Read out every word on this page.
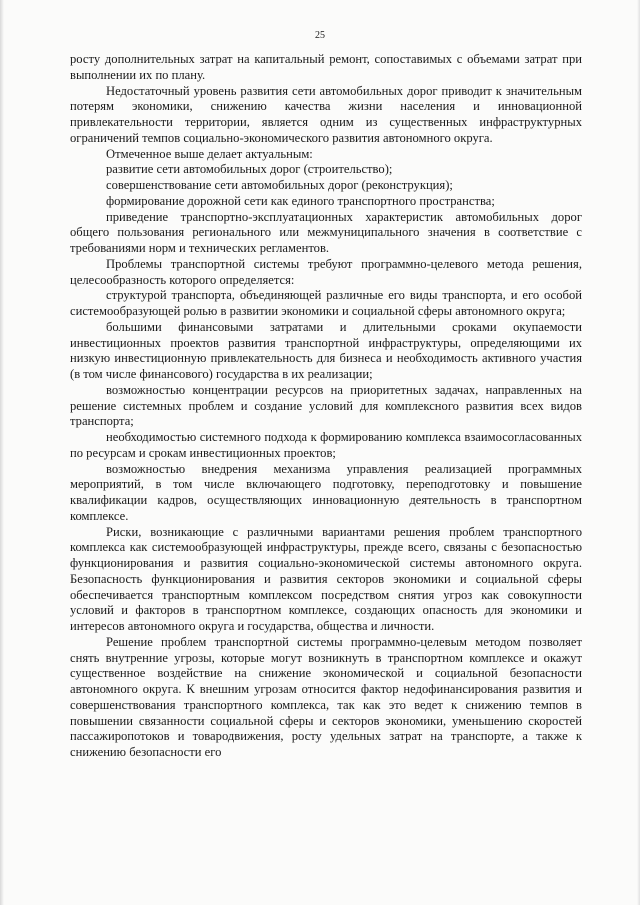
25

росту дополнительных затрат на капитальный ремонт, сопоставимых с объемами затрат при выполнении их по плану.

Недостаточный уровень развития сети автомобильных дорог приводит к значительным потерям экономики, снижению качества жизни населения и инновационной привлекательности территории, является одним из существенных инфраструктурных ограничений темпов социально-экономического развития автономного округа.

Отмеченное выше делает актуальным:

развитие сети автомобильных дорог (строительство);

совершенствование сети автомобильных дорог (реконструкция);

формирование дорожной сети как единого транспортного пространства;

приведение транспортно-эксплуатационных характеристик автомобильных дорог общего пользования регионального или межмуниципального значения в соответствие с требованиями норм и технических регламентов.

Проблемы транспортной системы требуют программно-целевого метода решения, целесообразность которого определяется:

структурой транспорта, объединяющей различные его виды транспорта, и его особой системообразующей ролью в развитии экономики и социальной сферы автономного округа;

большими финансовыми затратами и длительными сроками окупаемости инвестиционных проектов развития транспортной инфраструктуры, определяющими их низкую инвестиционную привлекательность для бизнеса и необходимость активного участия (в том числе финансового) государства в их реализации;

возможностью концентрации ресурсов на приоритетных задачах, направленных на решение системных проблем и создание условий для комплексного развития всех видов транспорта;

необходимостью системного подхода к формированию комплекса взаимосогласованных по ресурсам и срокам инвестиционных проектов;

возможностью внедрения механизма управления реализацией программных мероприятий, в том числе включающего подготовку, переподготовку и повышение квалификации кадров, осуществляющих инновационную деятельность в транспортном комплексе.

Риски, возникающие с различными вариантами решения проблем транспортного комплекса как системообразующей инфраструктуры, прежде всего, связаны с безопасностью функционирования и развития социально-экономической системы автономного округа. Безопасность функционирования и развития секторов экономики и социальной сферы обеспечивается транспортным комплексом посредством снятия угроз как совокупности условий и факторов в транспортном комплексе, создающих опасность для экономики и интересов автономного округа и государства, общества и личности.

Решение проблем транспортной системы программно-целевым методом позволяет снять внутренние угрозы, которые могут возникнуть в транспортном комплексе и окажут существенное воздействие на снижение экономической и социальной безопасности автономного округа. К внешним угрозам относится фактор недофинансирования развития и совершенствования транспортного комплекса, так как это ведет к снижению темпов в повышении связанности социальной сферы и секторов экономики, уменьшению скоростей пассажиропотоков и товародвижения, росту удельных затрат на транспорте, а также к снижению безопасности его
